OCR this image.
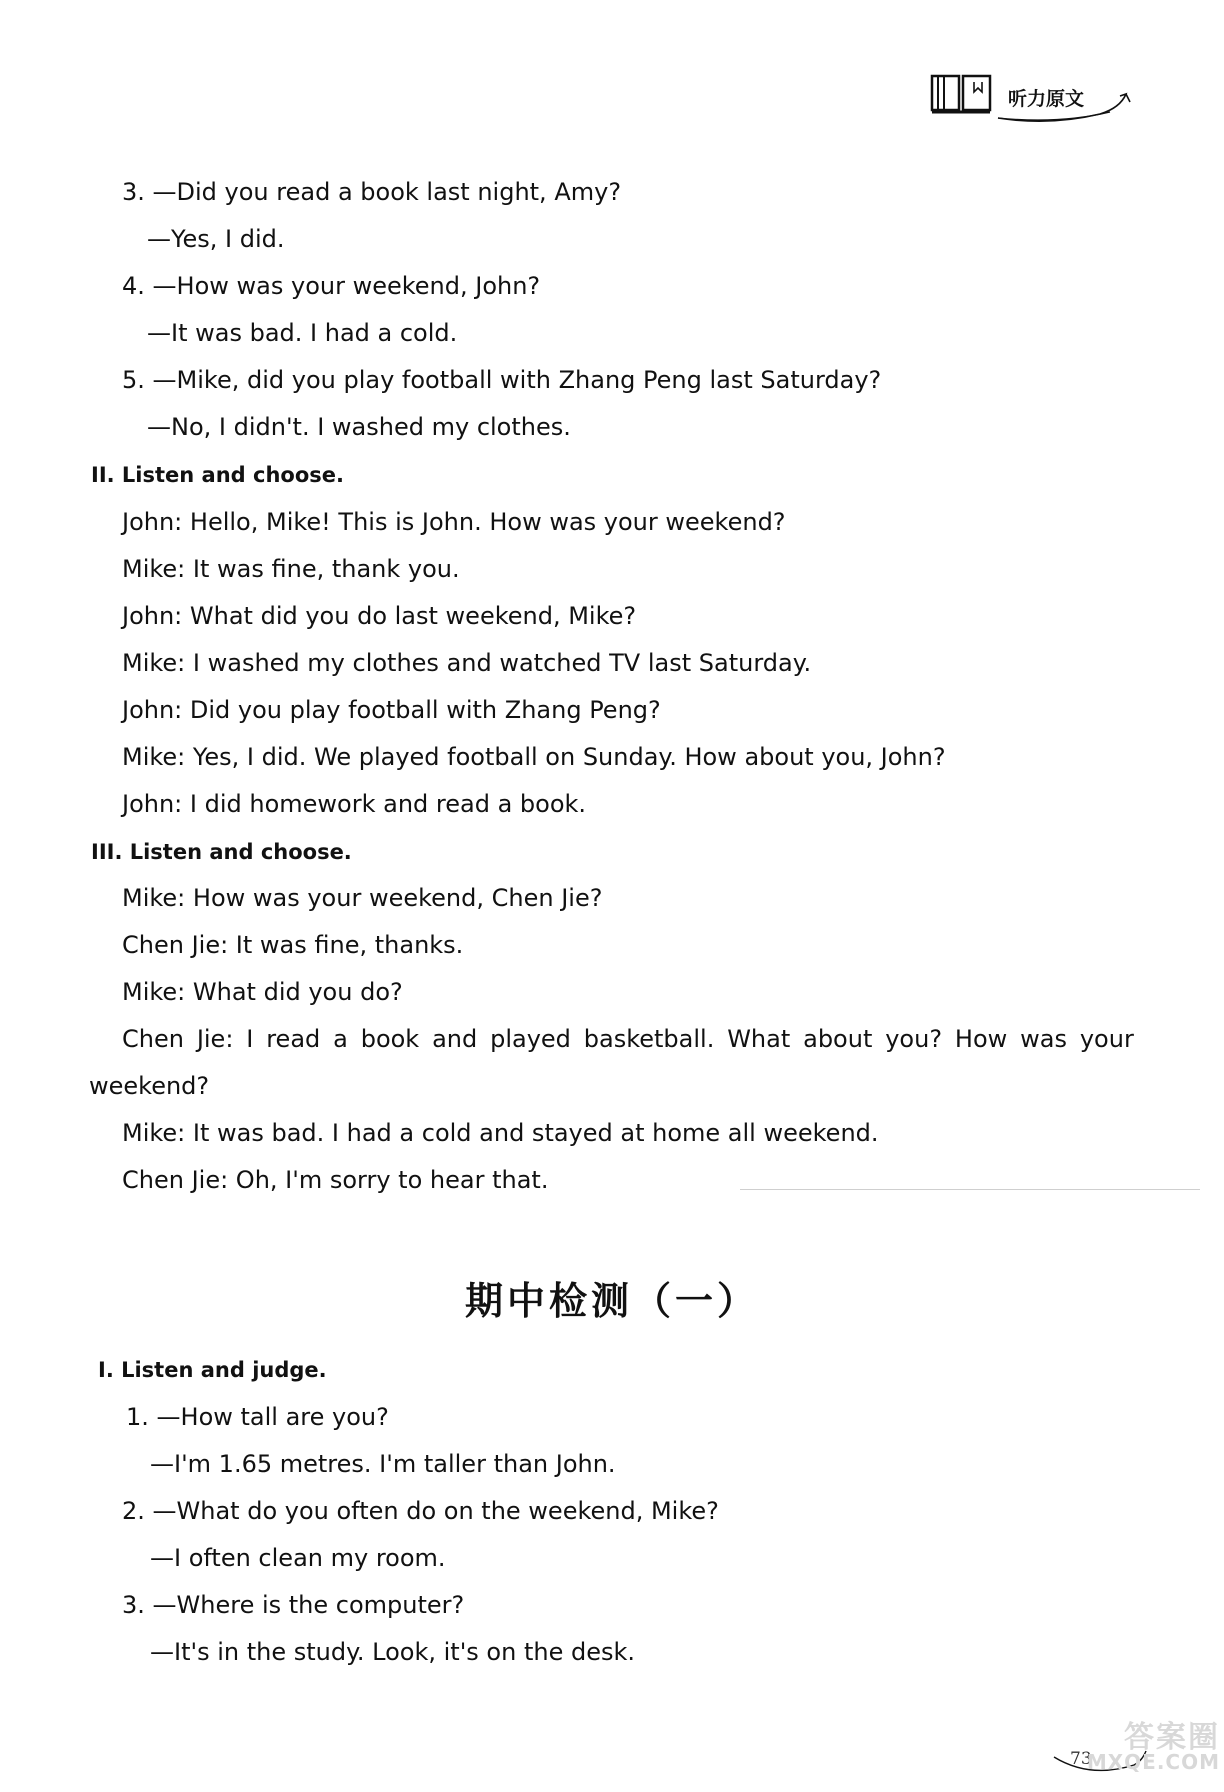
听力原文
3. —Did you read a book last night, Amy?
—Yes, I did.
4. —How was your weekend, John?
—It was bad. I had a cold.
5. —Mike, did you play football with Zhang Peng last Saturday?
—No, I didn't. I washed my clothes.
II. Listen and choose.
John: Hello, Mike! This is John. How was your weekend?
Mike: It was fine, thank you.
John: What did you do last weekend, Mike?
Mike: I washed my clothes and watched TV last Saturday.
John: Did you play football with Zhang Peng?
Mike: Yes, I did. We played football on Sunday. How about you, John?
John: I did homework and read a book.
III. Listen and choose.
Mike: How was your weekend, Chen Jie?
Chen Jie: It was fine, thanks.
Mike: What did you do?
Chen Jie: I read a book and played basketball. What about you? How was your
weekend?
Mike: It was bad. I had a cold and stayed at home all weekend.
Chen Jie: Oh, I'm sorry to hear that.
期中检测（一）
I. Listen and judge.
1. —How tall are you?
—I'm 1.65 metres. I'm taller than John.
2. —What do you often do on the weekend, Mike?
—I often clean my room.
3. —Where is the computer?
—It's in the study. Look, it's on the desk.
73
答案圈
MXQE.COM
